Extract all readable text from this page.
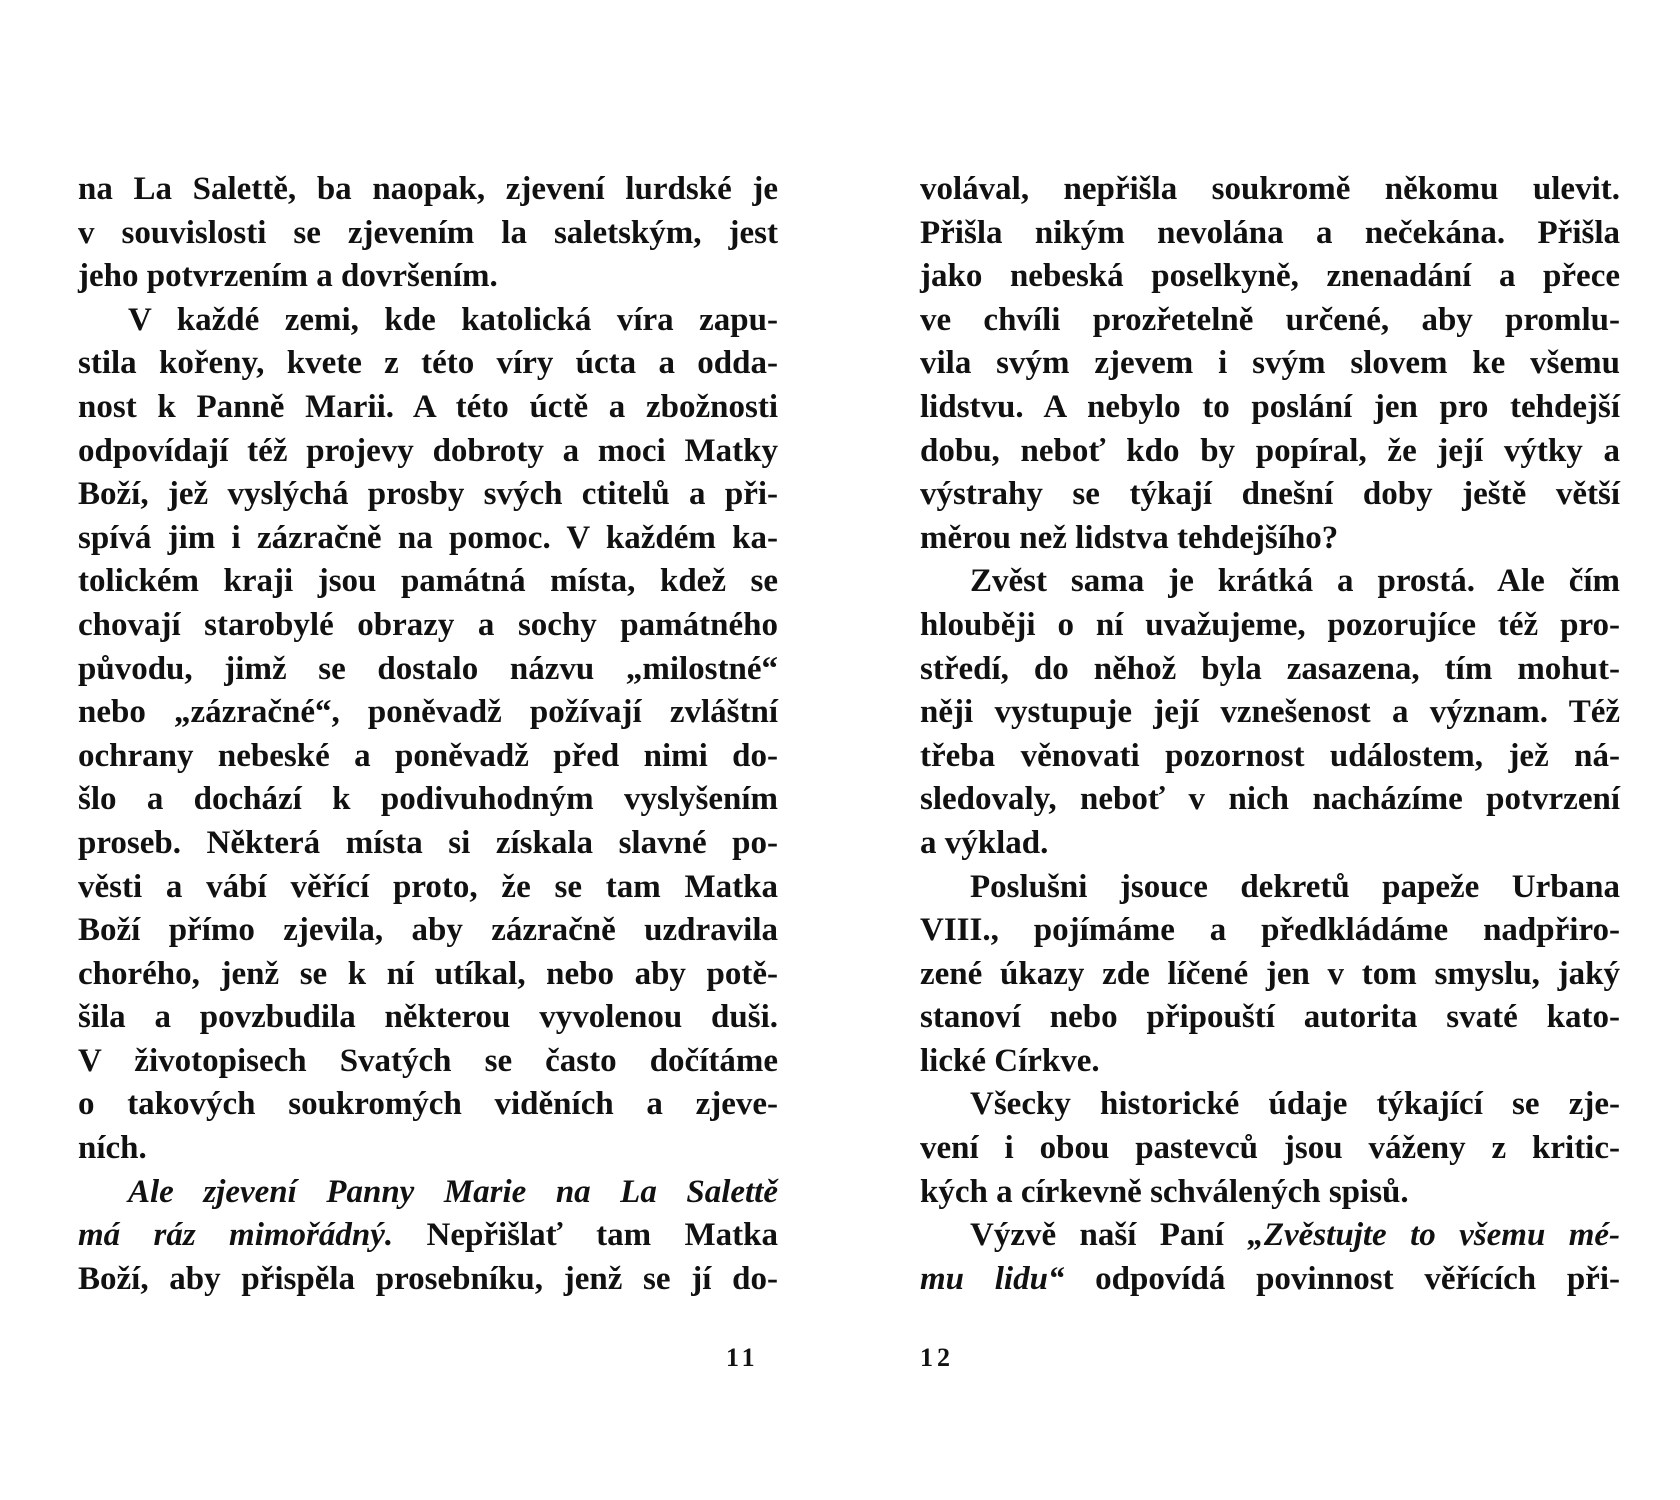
na La Salettě, ba naopak, zjevení lurdské je
v souvislosti se zjevením la saletským, jest
jeho potvrzením a dovršením.
V každé zemi, kde katolická víra zapu-
stila kořeny, kvete z této víry úcta a odda-
nost k Panně Marii. A této úctě a zbožnosti
odpovídají též projevy dobroty a moci Matky
Boží, jež vyslýchá prosby svých ctitelů a při-
spívá jim i zázračně na pomoc. V každém ka-
tolickém kraji jsou památná místa, kdež se
chovají starobylé obrazy a sochy památného
původu, jimž se dostalo názvu „milostné“
nebo „zázračné“, poněvadž požívají zvláštní
ochrany nebeské a poněvadž před nimi do-
šlo a dochází k podivuhodným vyslyšením
proseb. Některá místa si získala slavné po-
věsti a vábí věřící proto, že se tam Matka
Boží přímo zjevila, aby zázračně uzdravila
chorého, jenž se k ní utíkal, nebo aby potě-
šila a povzbudila některou vyvolenou duši.
V životopisech Svatých se často dočítáme
o takových soukromých viděních a zjeve-
ních.
Ale zjevení Panny Marie na La Salettě
má ráz mimořádný. Nepřišlať tam Matka
Boží, aby přispěla prosebníku, jenž se jí do-
volával, nepřišla soukromě někomu ulevit.
Přišla nikým nevolána a nečekána. Přišla
jako nebeská poselkyně, znenadání a přece
ve chvíli prozřetelně určené, aby promlu-
vila svým zjevem i svým slovem ke všemu
lidstvu. A nebylo to poslání jen pro tehdejší
dobu, neboť kdo by popíral, že její výtky a
výstrahy se týkají dnešní doby ještě větší
měrou než lidstva tehdejšího?
Zvěst sama je krátká a prostá. Ale čím
hlouběji o ní uvažujeme, pozorujíce též pro-
středí, do něhož byla zasazena, tím mohut-
něji vystupuje její vznešenost a význam. Též
třeba věnovati pozornost událostem, jež ná-
sledovaly, neboť v nich nacházíme potvrzení
a výklad.
Poslušni jsouce dekretů papeže Urbana
VIII., pojímáme a předkládáme nadpřiro-
zené úkazy zde líčené jen v tom smyslu, jaký
stanoví nebo připouští autorita svaté kato-
lické Církve.
Všecky historické údaje týkající se zje-
vení i obou pastevců jsou váženy z kritic-
kých a církevně schválených spisů.
Výzvě naší Paní „Zvěstujte to všemu mé-
mu lidu“ odpovídá povinnost věřících při-
11	12
